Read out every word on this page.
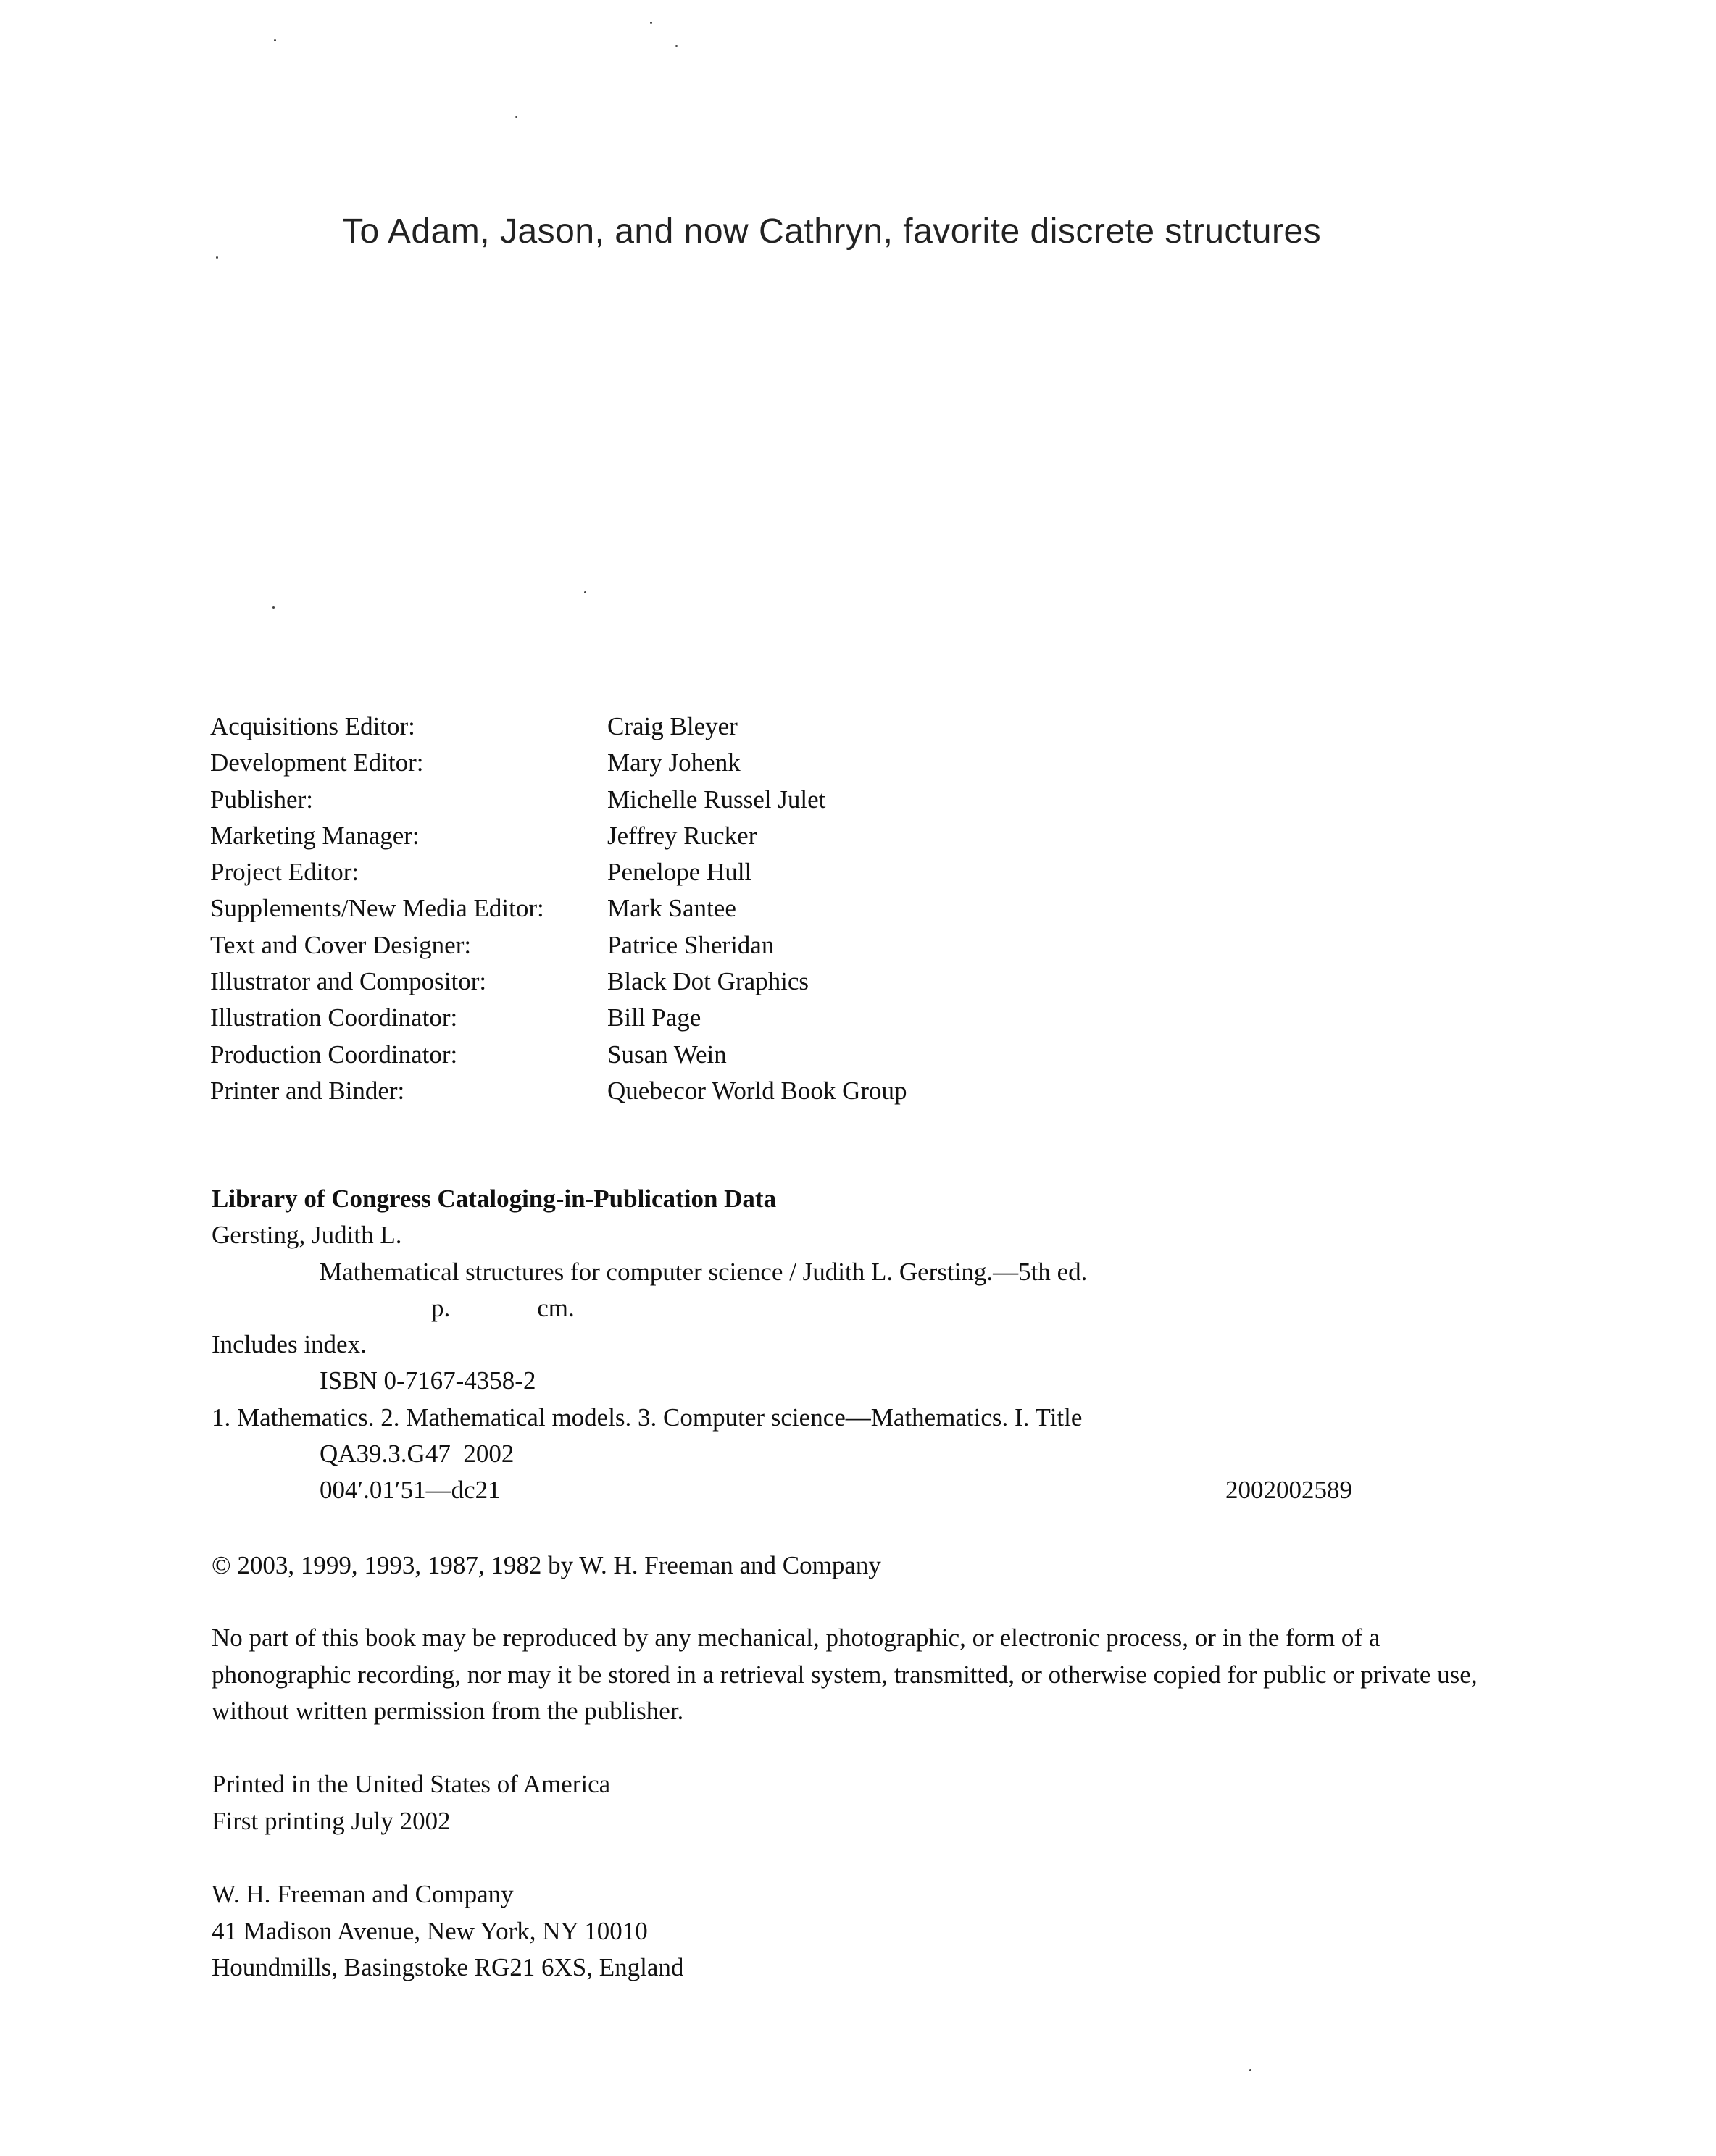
To Adam, Jason, and now Cathryn, favorite discrete structures
Acquisitions Editor:	Craig Bleyer
Development Editor:	Mary Johenk
Publisher:	Michelle Russel Julet
Marketing Manager:	Jeffrey Rucker
Project Editor:	Penelope Hull
Supplements/New Media Editor:	Mark Santee
Text and Cover Designer:	Patrice Sheridan
Illustrator and Compositor:	Black Dot Graphics
Illustration Coordinator:	Bill Page
Production Coordinator:	Susan Wein
Printer and Binder:	Quebecor World Book Group
Library of Congress Cataloging-in-Publication Data
Gersting, Judith L.
Mathematical structures for computer science / Judith L. Gersting.—5th ed.
p.	cm.
Includes index.
ISBN 0-7167-4358-2
1. Mathematics. 2. Mathematical models. 3. Computer science—Mathematics. I. Title
QA39.3.G47  2002
004′.01′51—dc21	2002002589
© 2003, 1999, 1993, 1987, 1982 by W. H. Freeman and Company
No part of this book may be reproduced by any mechanical, photographic, or electronic process, or in the form of a phonographic recording, nor may it be stored in a retrieval system, transmitted, or otherwise copied for public or private use, without written permission from the publisher.
Printed in the United States of America
First printing July 2002
W. H. Freeman and Company
41 Madison Avenue, New York, NY 10010
Houndmills, Basingstoke RG21 6XS, England
